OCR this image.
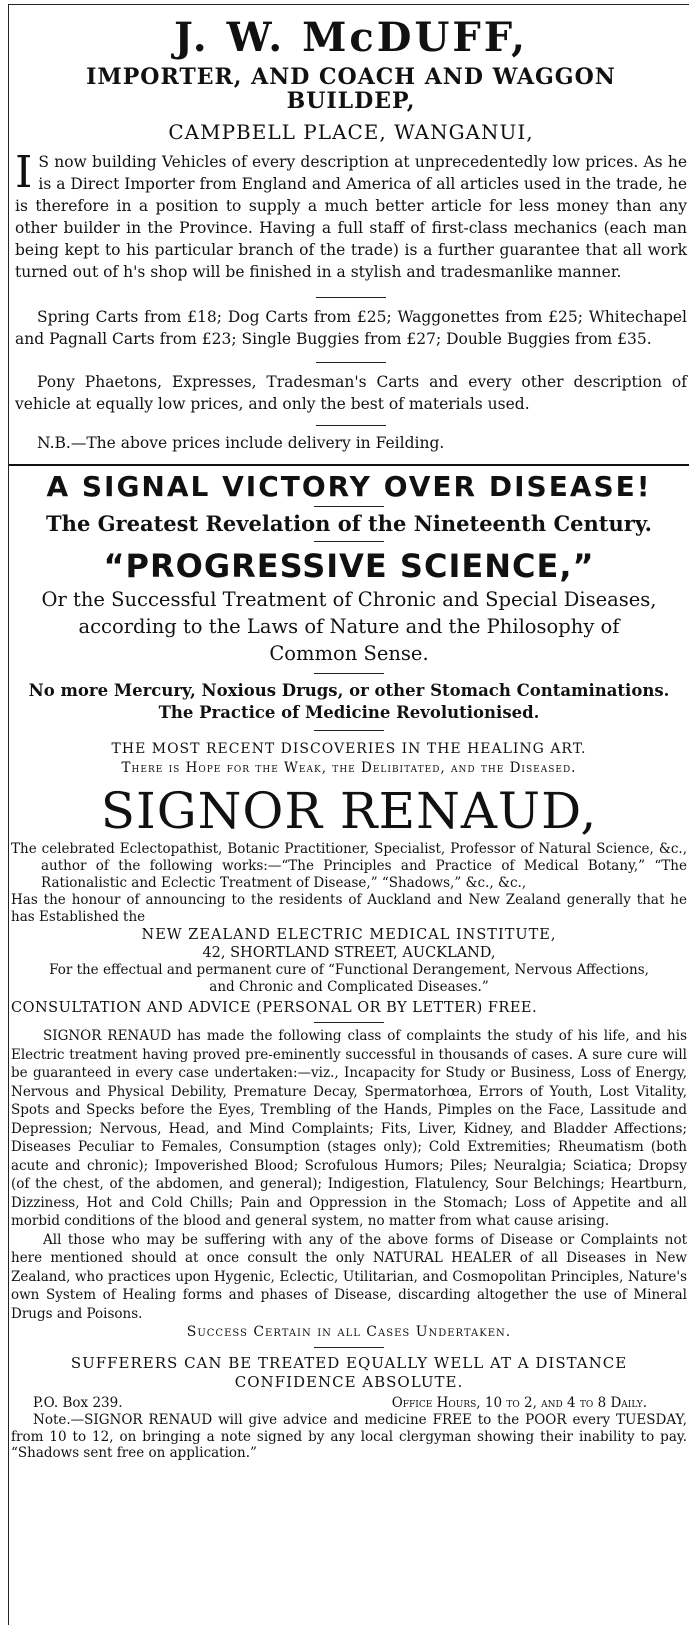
J. W. McDUFF,
IMPORTER, AND COACH AND WAGGON BUILDEP,
CAMPBELL PLACE, WANGANUI,

I S now building Vehicles of every description at unprecedentedly low prices. As he is a Direct Importer from England and America of all articles used in the trade, he is therefore in a position to supply a much better article for less money than any other builder in the Province. Having a full staff of first-class mechanics (each man being kept to his particular branch of the trade) is a further guarantee that all work turned out of h's shop will be finished in a stylish and tradesmanlike manner.

Spring Carts from £18; Dog Carts from £25; Waggonettes from £25; Whitechapel and Pagnall Carts from £23; Single Buggies from £27; Double Buggies from £35.

Pony Phaetons, Expresses, Tradesman's Carts and every other description of vehicle at equally low prices, and only the best of materials used.

N.B.—The above prices include delivery in Feilding.

A SIGNAL VICTORY OVER DISEASE!
The Greatest Revelation of the Nineteenth Century.
“PROGRESSIVE SCIENCE,”
Or the Successful Treatment of Chronic and Special Diseases, according to the Laws of Nature and the Philosophy of Common Sense.
No more Mercury, Noxious Drugs, or other Stomach Contaminations. The Practice of Medicine Revolutionised.
THE MOST RECENT DISCOVERIES IN THE HEALING ART.
There is Hope for the Weak, the Delibitated, and the Diseased.
SIGNOR RENAUD,

The celebrated Eclectopathist, Botanic Practitioner, Specialist, Professor of Natural Science, &c., author of the following works:—“The Principles and Practice of Medical Botany,” “The Rationalistic and Eclectic Treatment of Disease,” “Shadows,” &c., &c.,

Has the honour of announcing to the residents of Auckland and New Zealand generally that he has Established the

NEW ZEALAND ELECTRIC MEDICAL INSTITUTE,
42, SHORTLAND STREET, AUCKLAND,

For the effectual and permanent cure of “Functional Derangement, Nervous Affections, and Chronic and Complicated Diseases.”

CONSULTATION AND ADVICE (PERSONAL OR BY LETTER) FREE.

SIGNOR RENAUD has made the following class of complaints the study of his life, and his Electric treatment having proved pre-eminently successful in thousands of cases. A sure cure will be guaranteed in every case undertaken:—viz., Incapacity for Study or Business, Loss of Energy, Nervous and Physical Debility, Premature Decay, Spermatorhœa, Errors of Youth, Lost Vitality, Spots and Specks before the Eyes, Trembling of the Hands, Pimples on the Face, Lassitude and Depression; Nervous, Head, and Mind Complaints; Fits, Liver, Kidney, and Bladder Affections; Diseases Peculiar to Females, Consumption (stages only); Cold Extremities; Rheumatism (both acute and chronic); Impoverished Blood; Scrofulous Humors; Piles; Neuralgia; Sciatica; Dropsy (of the chest, of the abdomen, and general); Indigestion, Flatulency, Sour Belchings; Heartburn, Dizziness, Hot and Cold Chills; Pain and Oppression in the Stomach; Loss of Appetite and all morbid conditions of the blood and general system, no matter from what cause arising.

All those who may be suffering with any of the above forms of Disease or Complaints not here mentioned should at once consult the only NATURAL HEALER of all Diseases in New Zealand, who practices upon Hygenic, Eclectic, Utilitarian, and Cosmopolitan Principles, Nature's own System of Healing forms and phases of Disease, discarding altogether the use of Mineral Drugs and Poisons.

Success Certain in all Cases Undertaken.
SUFFERERS CAN BE TREATED EQUALLY WELL AT A DISTANCE CONFIDENCE ABSOLUTE.
P.O. Box 239.	Office Hours, 10 to 2, and 4 to 8 Daily.

Note.—SIGNOR RENAUD will give advice and medicine FREE to the POOR every TUESDAY, from 10 to 12, on bringing a note signed by any local clergyman showing their inability to pay. “Shadows sent free on application.”
